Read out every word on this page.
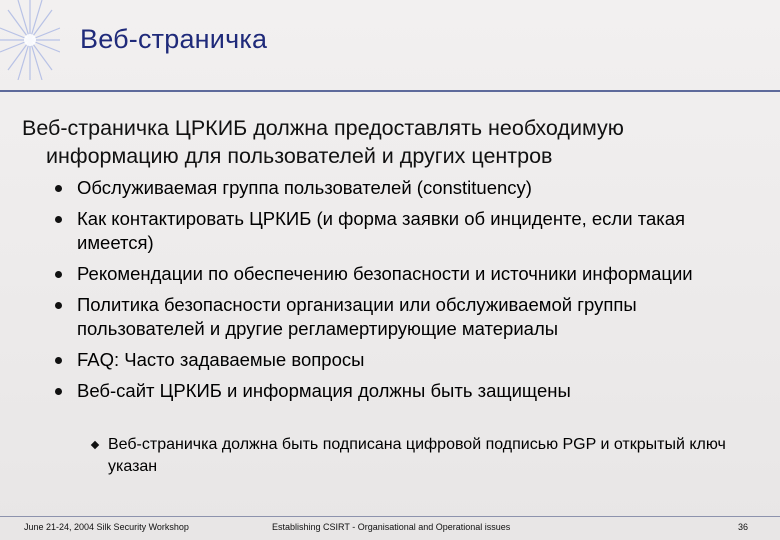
Веб-страничка
Веб-страничка ЦРКИБ должна предоставлять необходимую
информацию для пользователей и других центров
Обслуживаемая группа пользователей (constituency)
Как контактировать ЦРКИБ (и форма заявки об инциденте, если такая имеется)
Рекомендации по обеспечению безопасности и источники информации
Политика безопасности организации или обслуживаемой группы пользователей и другие регламертирующие материалы
FAQ: Часто задаваемые вопросы
Веб-сайт ЦРКИБ и информация должны быть защищены
Веб-страничка должна быть подписана цифровой подписью PGP и открытый ключ указан
June 21-24, 2004 Silk Security Workshop	Establishing CSIRT - Organisational and Operational issues	36
